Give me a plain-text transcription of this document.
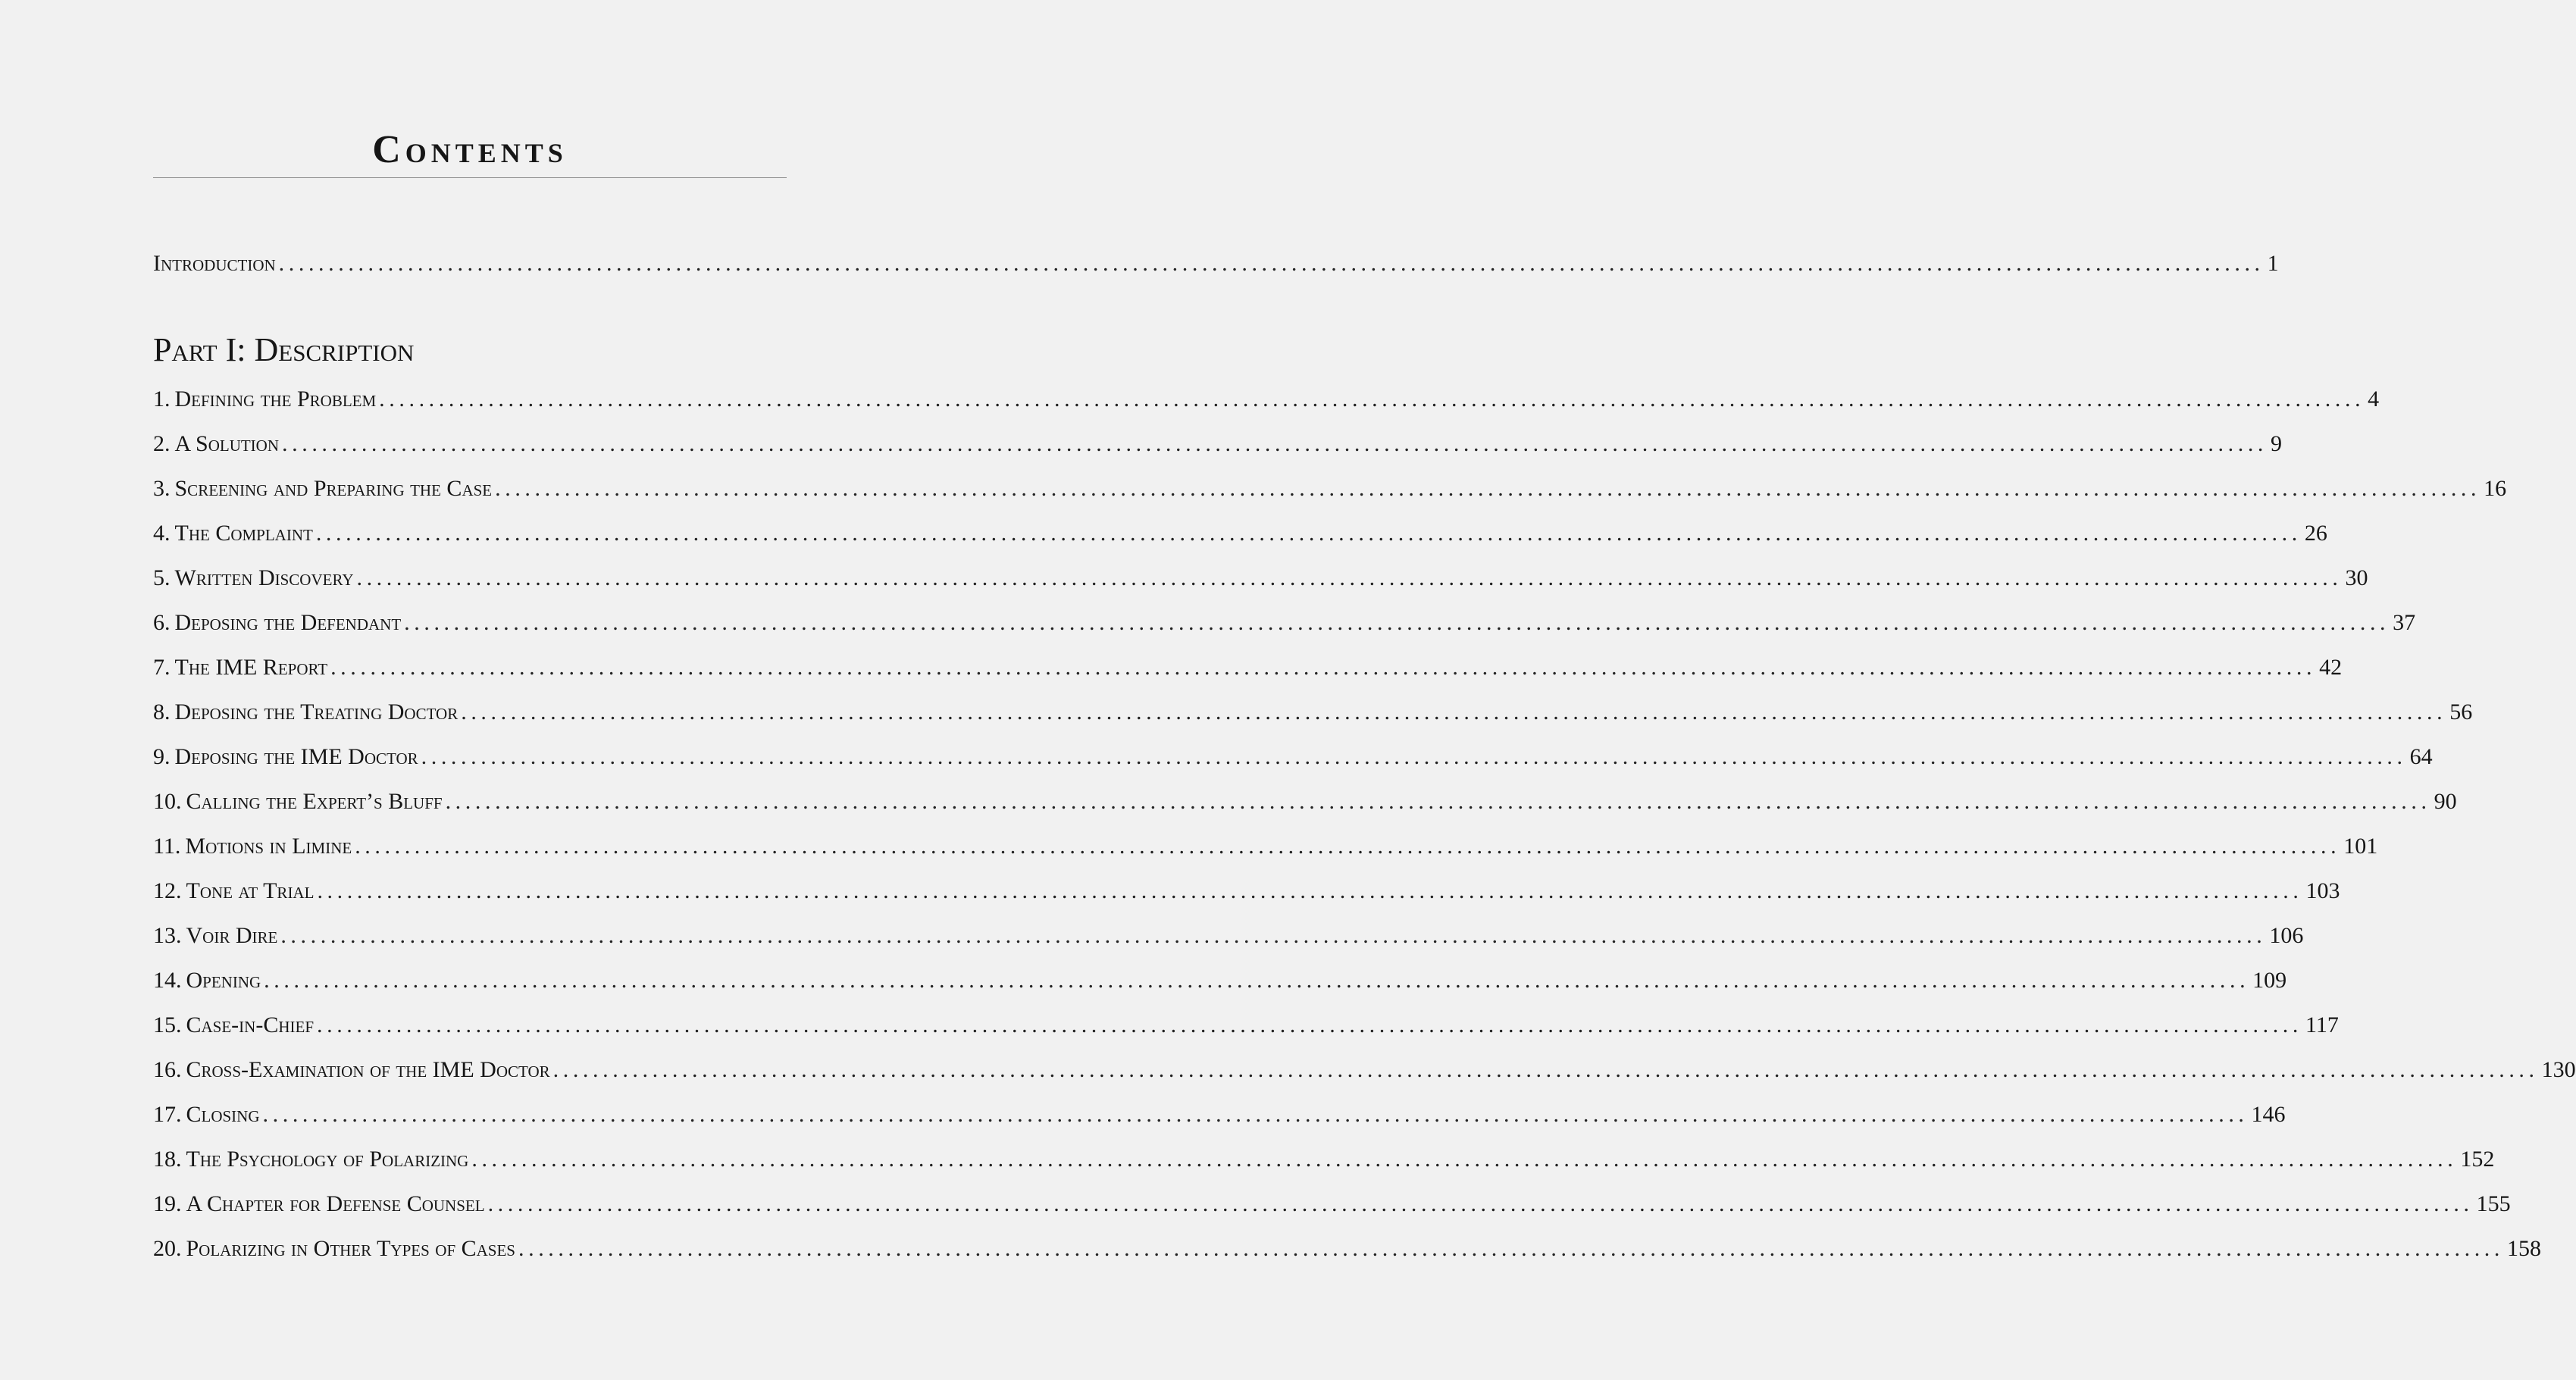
Contents
Introduction ........................................................................................................................................................................................................ 1
Part I: Description
1. Defining the Problem ........................................................................................................................................................................................................ 4
2. A Solution ........................................................................................................................................................................................................ 9
3. Screening and Preparing the Case ........................................................................................................................................................................................................ 16
4. The Complaint ........................................................................................................................................................................................................ 26
5. Written Discovery ........................................................................................................................................................................................................ 30
6. Deposing the Defendant ........................................................................................................................................................................................................ 37
7. The IME Report ........................................................................................................................................................................................................ 42
8. Deposing the Treating Doctor ........................................................................................................................................................................................................ 56
9. Deposing the IME Doctor ........................................................................................................................................................................................................ 64
10. Calling the Expert’s Bluff ........................................................................................................................................................................................................ 90
11. Motions in Limine ........................................................................................................................................................................................................ 101
12. Tone at Trial ........................................................................................................................................................................................................ 103
13. Voir Dire ........................................................................................................................................................................................................ 106
14. Opening ........................................................................................................................................................................................................ 109
15. Case-in-Chief ........................................................................................................................................................................................................ 117
16. Cross-Examination of the IME Doctor ........................................................................................................................................................................................................ 130
17. Closing ........................................................................................................................................................................................................ 146
18. The Psychology of Polarizing ........................................................................................................................................................................................................ 152
19. A Chapter for Defense Counsel ........................................................................................................................................................................................................ 155
20. Polarizing in Other Types of Cases ........................................................................................................................................................................................................ 158
